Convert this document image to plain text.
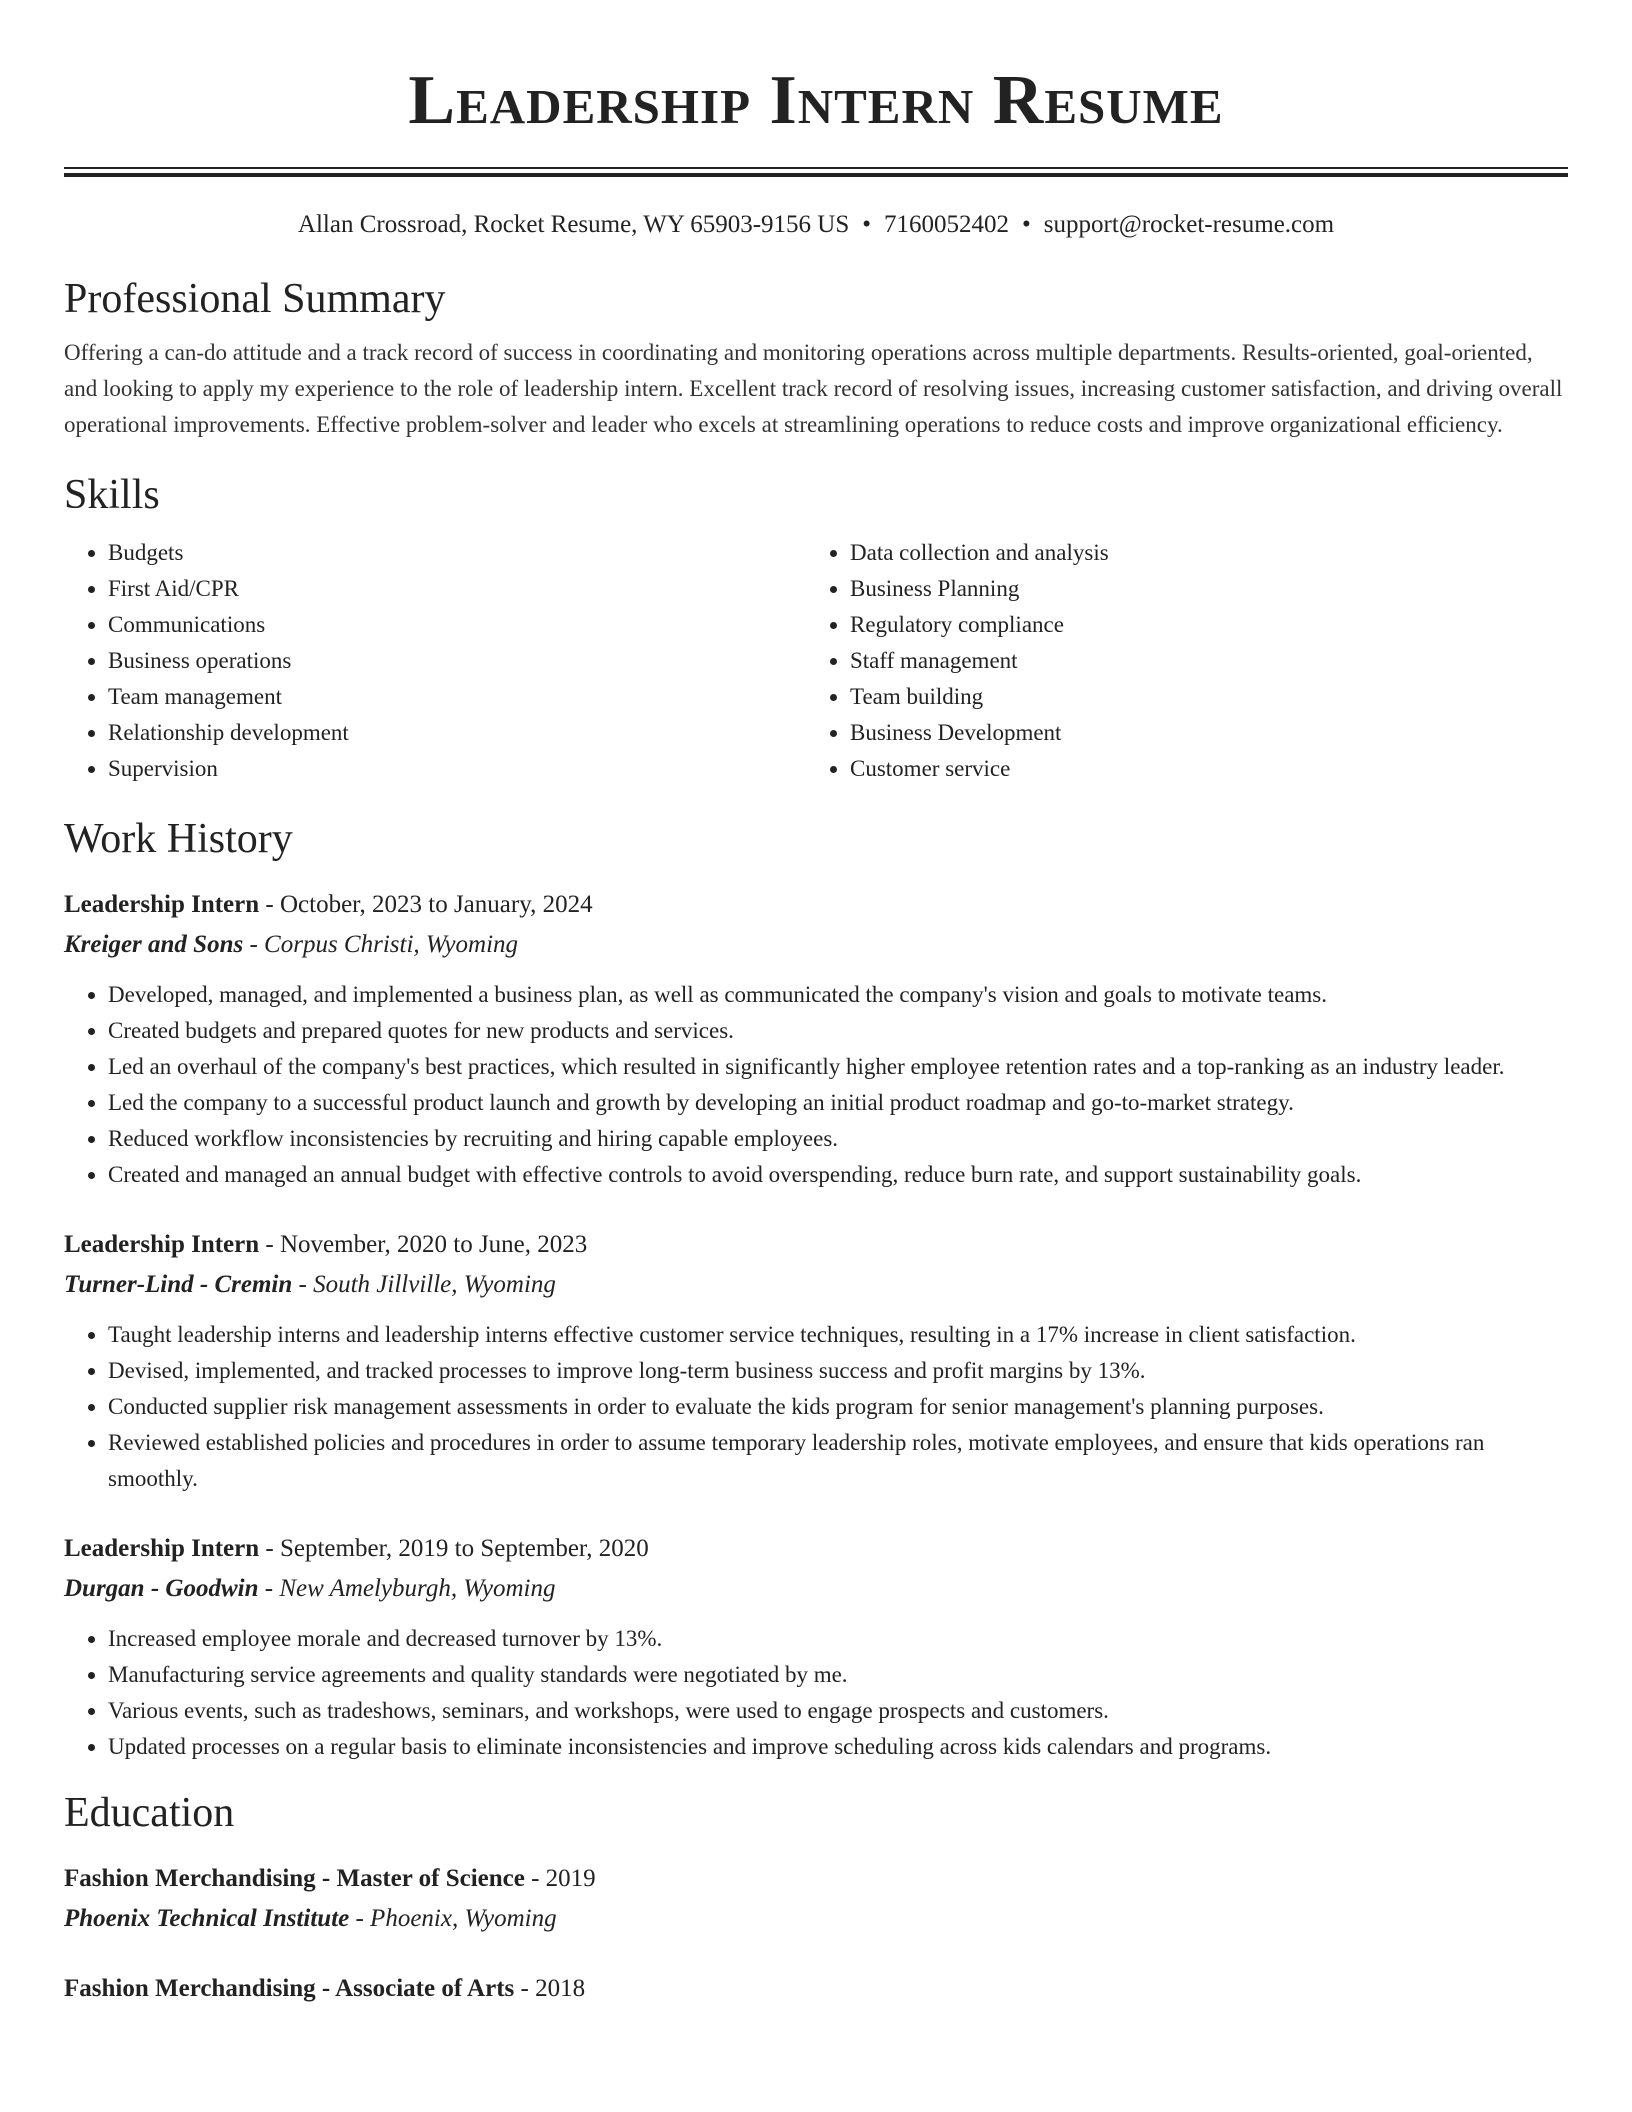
Leadership Intern Resume
Allan Crossroad, Rocket Resume, WY 65903-9156 US • 7160052402 • support@rocket-resume.com
Professional Summary
Offering a can-do attitude and a track record of success in coordinating and monitoring operations across multiple departments. Results-oriented, goal-oriented, and looking to apply my experience to the role of leadership intern. Excellent track record of resolving issues, increasing customer satisfaction, and driving overall operational improvements. Effective problem-solver and leader who excels at streamlining operations to reduce costs and improve organizational efficiency.
Skills
• Budgets
• First Aid/CPR
• Communications
• Business operations
• Team management
• Relationship development
• Supervision
• Data collection and analysis
• Business Planning
• Regulatory compliance
• Staff management
• Team building
• Business Development
• Customer service
Work History
Leadership Intern - October, 2023 to January, 2024
Kreiger and Sons - Corpus Christi, Wyoming
• Developed, managed, and implemented a business plan, as well as communicated the company's vision and goals to motivate teams.
• Created budgets and prepared quotes for new products and services.
• Led an overhaul of the company's best practices, which resulted in significantly higher employee retention rates and a top-ranking as an industry leader.
• Led the company to a successful product launch and growth by developing an initial product roadmap and go-to-market strategy.
• Reduced workflow inconsistencies by recruiting and hiring capable employees.
• Created and managed an annual budget with effective controls to avoid overspending, reduce burn rate, and support sustainability goals.
Leadership Intern - November, 2020 to June, 2023
Turner-Lind - Cremin - South Jillville, Wyoming
• Taught leadership interns and leadership interns effective customer service techniques, resulting in a 17% increase in client satisfaction.
• Devised, implemented, and tracked processes to improve long-term business success and profit margins by 13%.
• Conducted supplier risk management assessments in order to evaluate the kids program for senior management's planning purposes.
• Reviewed established policies and procedures in order to assume temporary leadership roles, motivate employees, and ensure that kids operations ran smoothly.
Leadership Intern - September, 2019 to September, 2020
Durgan - Goodwin - New Amelyburgh, Wyoming
• Increased employee morale and decreased turnover by 13%.
• Manufacturing service agreements and quality standards were negotiated by me.
• Various events, such as tradeshows, seminars, and workshops, were used to engage prospects and customers.
• Updated processes on a regular basis to eliminate inconsistencies and improve scheduling across kids calendars and programs.
Education
Fashion Merchandising - Master of Science - 2019
Phoenix Technical Institute - Phoenix, Wyoming
Fashion Merchandising - Associate of Arts - 2018
